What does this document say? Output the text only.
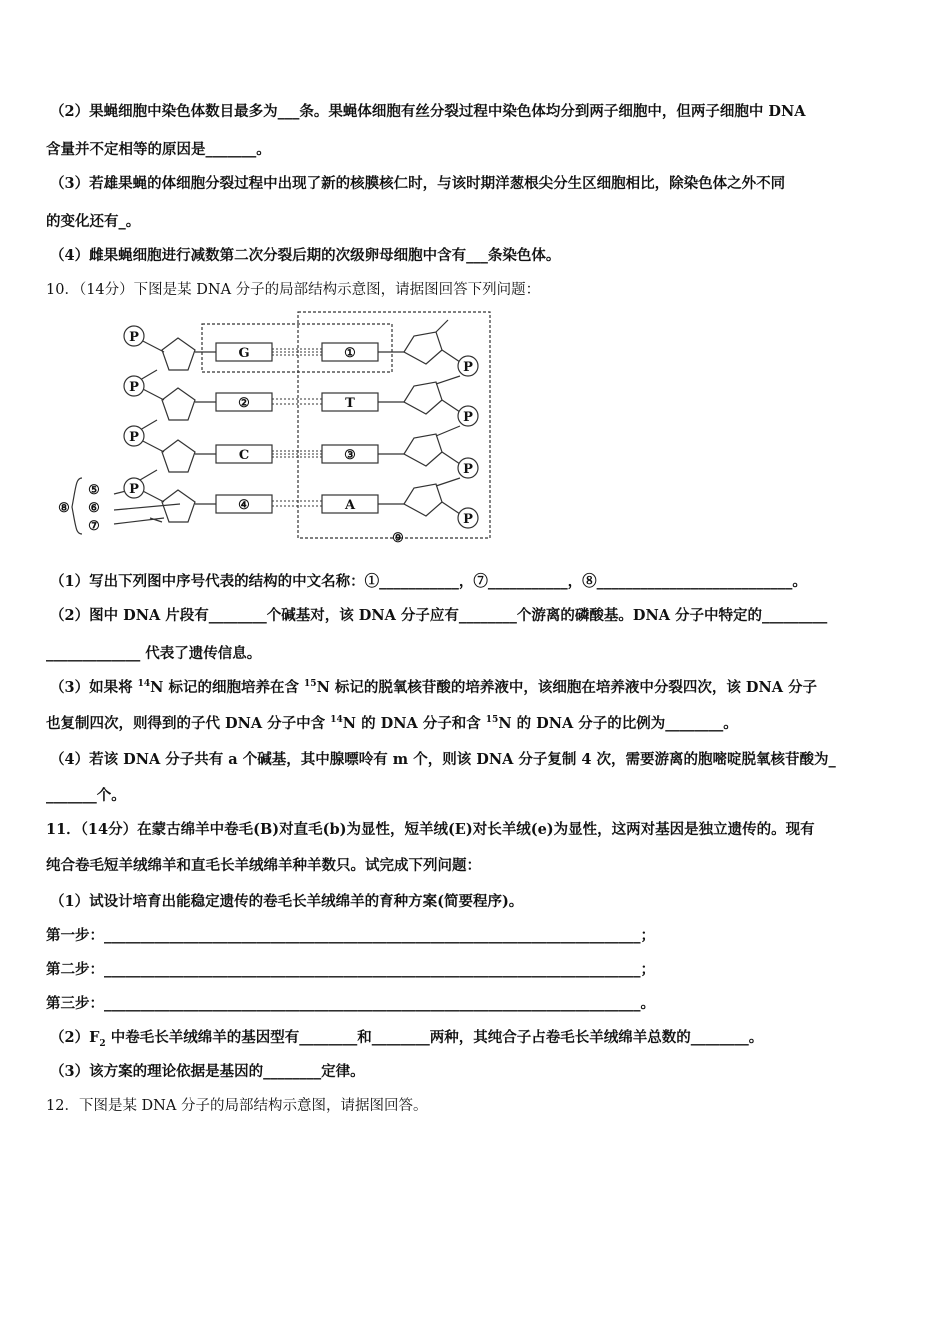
（2）果蝇细胞中染色体数目最多为___条。果蝇体细胞有丝分裂过程中染色体均分到两子细胞中，但两子细胞中 DNA
含量并不定相等的原因是_______。
（3）若雄果蝇的体细胞分裂过程中出现了新的核膜核仁时，与该时期洋葱根尖分生区细胞相比，除染色体之外不同
的变化还有_。
（4）雌果蝇细胞进行减数第二次分裂后期的次级卵母细胞中含有___条染色体。
10．（14分）下图是某 DNA 分子的局部结构示意图，请据图回答下列问题：
P
P
P
P
P
P
P
P
G
②
C
④
①
T
③
A
⑤
⑥
⑦
⑧
⑨
（1）写出下列图中序号代表的结构的中文名称：①___________，⑦___________，⑧___________________________。
（2）图中 DNA 片段有________个碱基对，该 DNA 分子应有________个游离的磷酸基。DNA 分子中特定的_________
_____________ 代表了遗传信息。
（3）如果将 $^{14}$N 标记的细胞培养在含 $^{15}$N 标记的脱氧核苷酸的培养液中，该细胞在培养液中分裂四次，该 DNA 分子
也复制四次，则得到的子代 DNA 分子中含 $^{14}$N 的 DNA 分子和含 $^{15}$N 的 DNA 分子的比例为________。
（4）若该 DNA 分子共有 a 个碱基，其中腺嘌呤有 m 个，则该 DNA 分子复制 4 次，需要游离的胞嘧啶脱氧核苷酸为_
_______个。
11．（14分）在蒙古绵羊中卷毛(B)对直毛(b)为显性，短羊绒(E)对长羊绒(e)为显性，这两对基因是独立遗传的。现有
纯合卷毛短羊绒绵羊和直毛长羊绒绵羊种羊数只。试完成下列问题：
（1）试设计培育出能稳定遗传的卷毛长羊绒绵羊的育种方案(简要程序)。
第一步：__________________________________________________________________________；
第二步：__________________________________________________________________________；
第三步：__________________________________________________________________________。
$(2)F_2$ 中卷毛长羊绒绵羊的基因型有________和________两种，其纯合子占卷毛长羊绒绵羊总数的________。
（3）该方案的理论依据是基因的________定律。
12．下图是某 DNA 分子的局部结构示意图，请据图回答。
